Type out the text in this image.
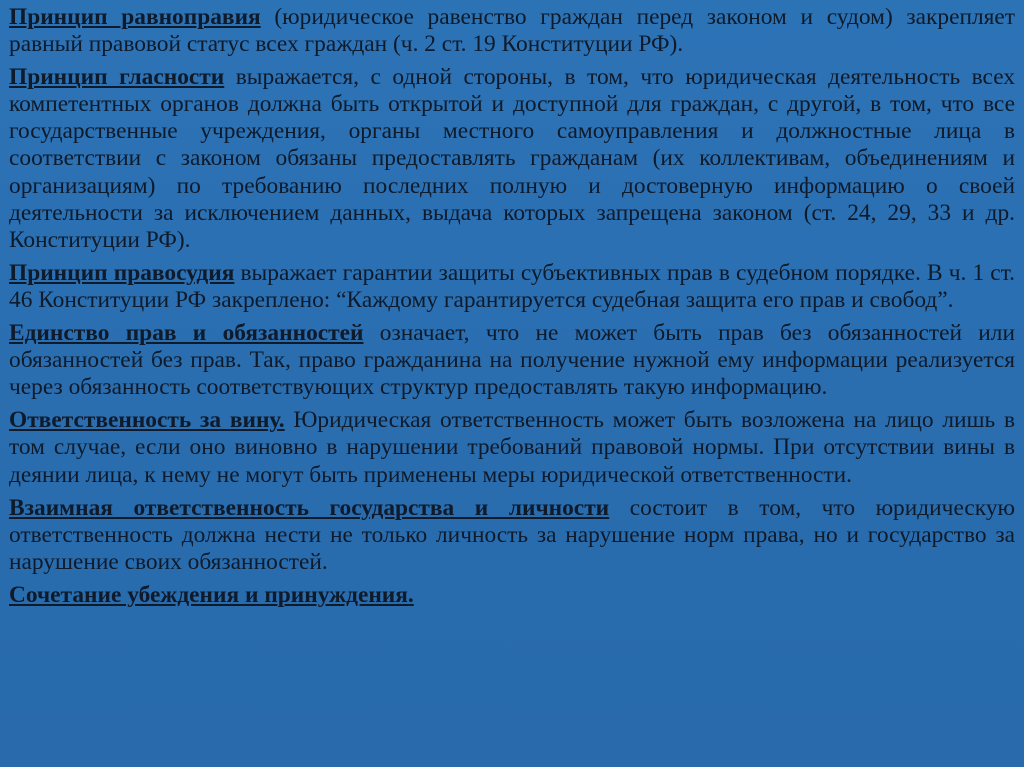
Принцип равноправия (юридическое равенство граждан перед законом и судом) закрепляет равный правовой статус всех граждан (ч. 2 ст. 19 Конституции РФ).

Принцип гласности выражается, с одной стороны, в том, что юридическая деятельность всех компетентных органов должна быть открытой и доступной для граждан, с другой, в том, что все государственные учреждения, органы местного самоуправления и должностные лица в соответствии с законом обязаны предоставлять гражданам (их коллективам, объединениям и организациям) по требованию последних полную и достоверную информацию о своей деятельности за исключением данных, выдача которых запрещена законом (ст. 24, 29, 33 и др. Конституции РФ).

Принцип правосудия выражает гарантии защиты субъективных прав в судебном порядке. В ч. 1 ст. 46 Конституции РФ закреплено: “Каждому гарантируется судебная защита его прав и свобод”.

Единство прав и обязанностей означает, что не может быть прав без обязанностей или обязанностей без прав. Так, право гражданина на получение нужной ему информации реализуется через обязанность соответствующих структур предоставлять такую информацию.

Ответственность за вину. Юридическая ответственность может быть возложена на лицо лишь в том случае, если оно виновно в нарушении требований правовой нормы. При отсутствии вины в деянии лица, к нему не могут быть применены меры юридической ответственности.

Взаимная ответственность государства и личности состоит в том, что юридическую ответственность должна нести не только личность за нарушение норм права, но и государство за нарушение своих обязанностей.

Сочетание убеждения и принуждения.
